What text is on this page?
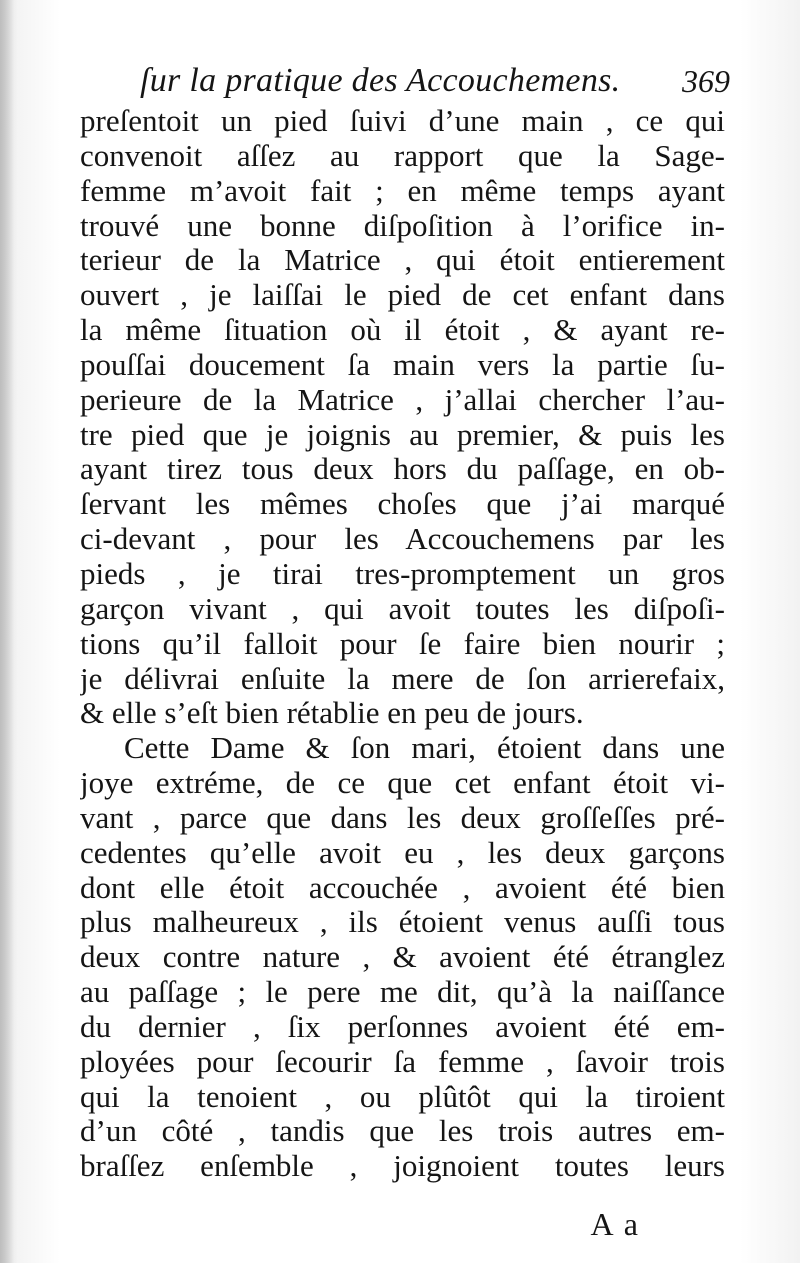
ſur la pratique des Accouchemens. 369
preſentoit un pied ſuivi d’une main , ce qui
convenoit aſſez au rapport que la Sage-
femme m’avoit fait ; en même temps ayant
trouvé une bonne diſpoſition à l’orifice in-
terieur de la Matrice , qui étoit entierement
ouvert , je laiſſai le pied de cet enfant dans
la même ſituation où il étoit , & ayant re-
pouſſai doucement ſa main vers la partie ſu-
perieure de la Matrice , j’allai chercher l’au-
tre pied que je joignis au premier, & puis les
ayant tirez tous deux hors du paſſage, en ob-
ſervant les mêmes choſes que j’ai marqué
ci-devant , pour les Accouchemens par les
pieds , je tirai tres-promptement un gros
garçon vivant , qui avoit toutes les diſpoſi-
tions qu’il falloit pour ſe faire bien nourir ;
je délivrai enſuite la mere de ſon arrierefaix,
& elle s’eſt bien rétablie en peu de jours.
Cette Dame & ſon mari, étoient dans une
joye extréme, de ce que cet enfant étoit vi-
vant , parce que dans les deux groſſeſſes pré-
cedentes qu’elle avoit eu , les deux garçons
dont elle étoit accouchée , avoient été bien
plus malheureux , ils étoient venus auſſi tous
deux contre nature , & avoient été étranglez
au paſſage ; le pere me dit, qu’à la naiſſance
du dernier , ſix perſonnes avoient été em-
ployées pour ſecourir ſa femme , ſavoir trois
qui la tenoient , ou plûtôt qui la tiroient
d’un côté , tandis que les trois autres em-
braſſez enſemble , joignoient toutes leurs
A a
